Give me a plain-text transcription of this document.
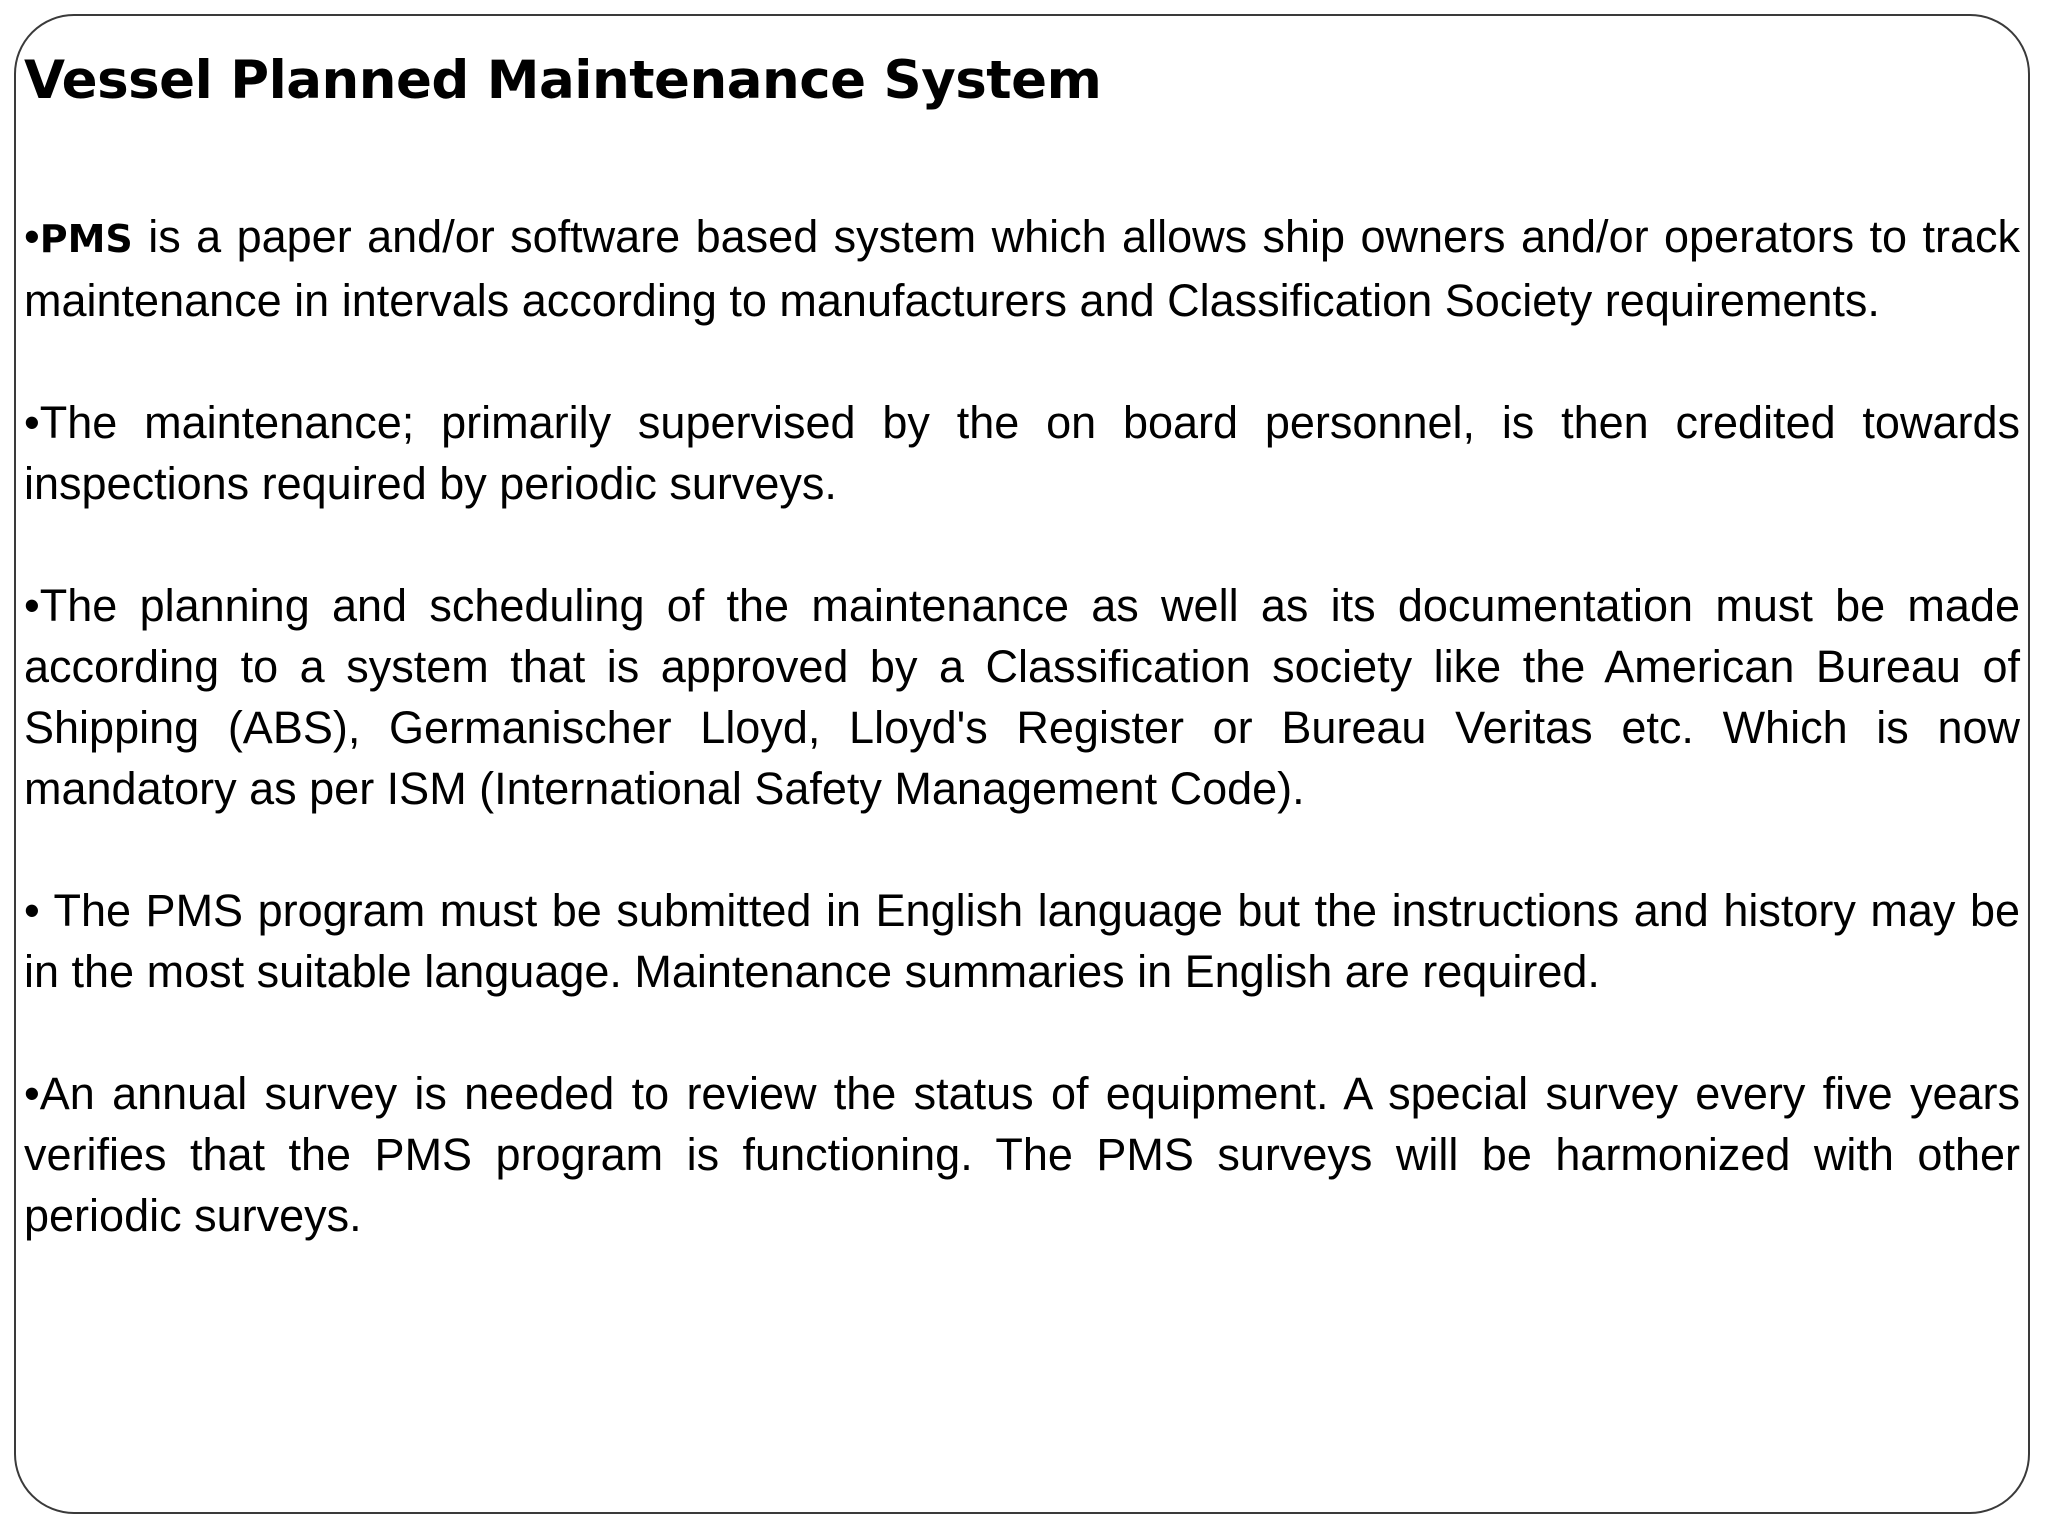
Vessel Planned Maintenance System

•PMS is a paper and/or software based system which allows ship owners and/or operators to track maintenance in intervals according to manufacturers and Classification Society requirements.

•The maintenance; primarily supervised by the on board personnel, is then credited towards inspections required by periodic surveys.

•The planning and scheduling of the maintenance as well as its documentation must be made according to a system that is approved by a Classification society like the American Bureau of Shipping (ABS), Germanischer Lloyd, Lloyd's Register or Bureau Veritas etc. Which is now mandatory as per ISM (International Safety Management Code).

• The PMS program must be submitted in English language but the instructions and history may be in the most suitable language. Maintenance summaries in English are required.

•An annual survey is needed to review the status of equipment. A special survey every five years verifies that the PMS program is functioning. The PMS surveys will be harmonized with other periodic surveys.
